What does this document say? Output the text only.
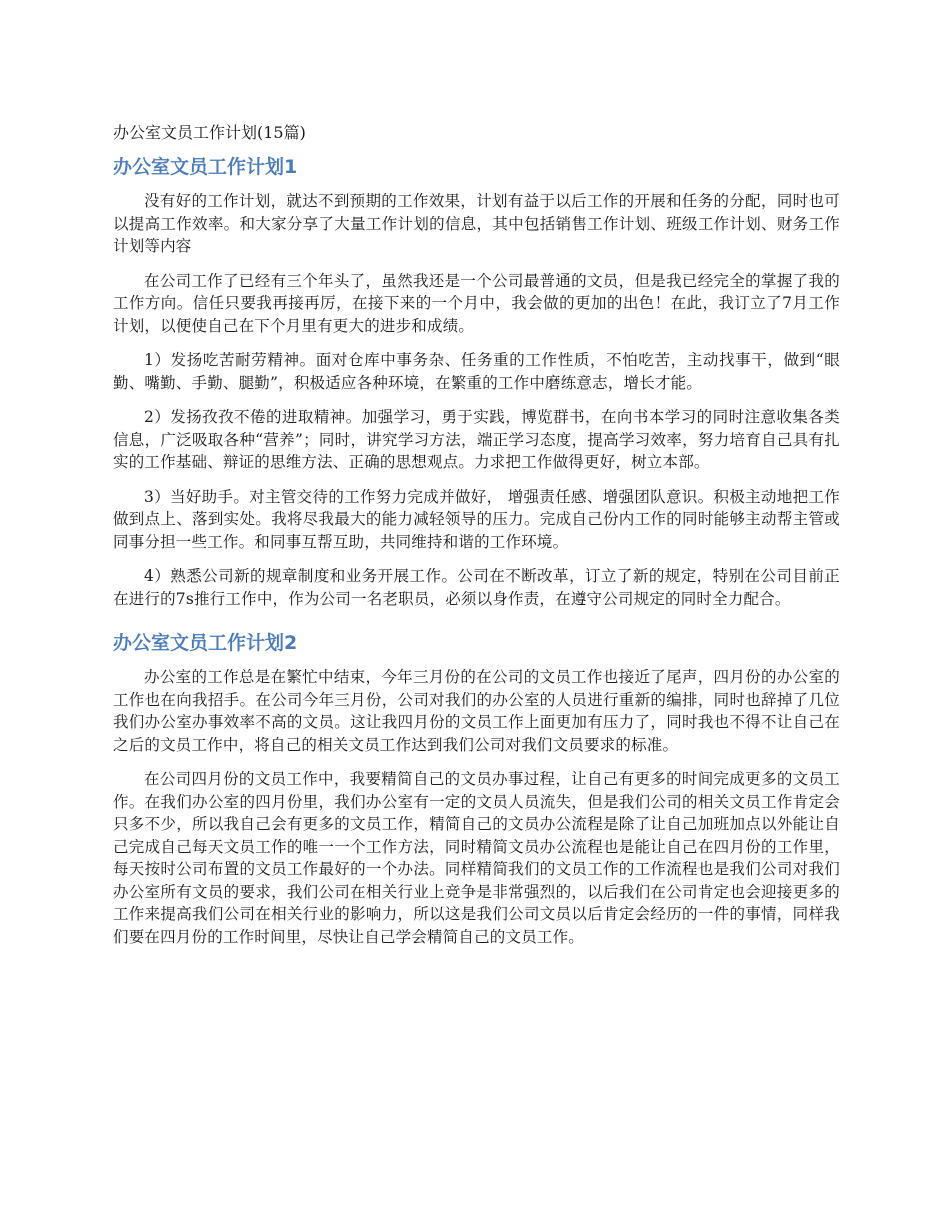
办公室文员工作计划(15篇)
办公室文员工作计划1

没有好的工作计划，就达不到预期的工作效果，计划有益于以后工作的开展和任务的分配，同时也可以提高工作效率。和大家分享了大量工作计划的信息，其中包括销售工作计划、班级工作计划、财务工作计划等内容

在公司工作了已经有三个年头了，虽然我还是一个公司最普通的文员，但是我已经完全的掌握了我的工作方向。信任只要我再接再厉，在接下来的一个月中，我会做的更加的出色！在此，我订立了7月工作计划，以便使自己在下个月里有更大的进步和成绩。

1）发扬吃苦耐劳精神。面对仓库中事务杂、任务重的工作性质，不怕吃苦，主动找事干，做到“眼勤、嘴勤、手勤、腿勤”，积极适应各种环境，在繁重的工作中磨练意志，增长才能。

2）发扬孜孜不倦的进取精神。加强学习，勇于实践，博览群书，在向书本学习的同时注意收集各类信息，广泛吸取各种“营养”；同时，讲究学习方法，端正学习态度，提高学习效率，努力培育自己具有扎实的工作基础、辩证的思维方法、正确的思想观点。力求把工作做得更好，树立本部。

3）当好助手。对主管交待的工作努力完成并做好， 增强责任感、增强团队意识。积极主动地把工作做到点上、落到实处。我将尽我最大的能力减轻领导的压力。完成自己份内工作的同时能够主动帮主管或同事分担一些工作。和同事互帮互助，共同维持和谐的工作环境。

4）熟悉公司新的规章制度和业务开展工作。公司在不断改革，订立了新的规定，特别在公司目前正在进行的7s推行工作中，作为公司一名老职员，必须以身作责，在遵守公司规定的同时全力配合。

办公室文员工作计划2

办公室的工作总是在繁忙中结束，今年三月份的在公司的文员工作也接近了尾声，四月份的办公室的工作也在向我招手。在公司今年三月份，公司对我们的办公室的人员进行重新的编排，同时也辞掉了几位我们办公室办事效率不高的文员。这让我四月份的文员工作上面更加有压力了，同时我也不得不让自己在之后的文员工作中，将自己的相关文员工作达到我们公司对我们文员要求的标准。

在公司四月份的文员工作中，我要精简自己的文员办事过程，让自己有更多的时间完成更多的文员工作。在我们办公室的四月份里，我们办公室有一定的文员人员流失，但是我们公司的相关文员工作肯定会只多不少，所以我自己会有更多的文员工作，精简自己的文员办公流程是除了让自己加班加点以外能让自己完成自己每天文员工作的唯一一个工作方法，同时精简文员办公流程也是能让自己在四月份的工作里，每天按时公司布置的文员工作最好的一个办法。同样精简我们的文员工作的工作流程也是我们公司对我们办公室所有文员的要求，我们公司在相关行业上竞争是非常强烈的，以后我们在公司肯定也会迎接更多的工作来提高我们公司在相关行业的影响力，所以这是我们公司文员以后肯定会经历的一件的事情，同样我们要在四月份的工作时间里，尽快让自己学会精简自己的文员工作。
